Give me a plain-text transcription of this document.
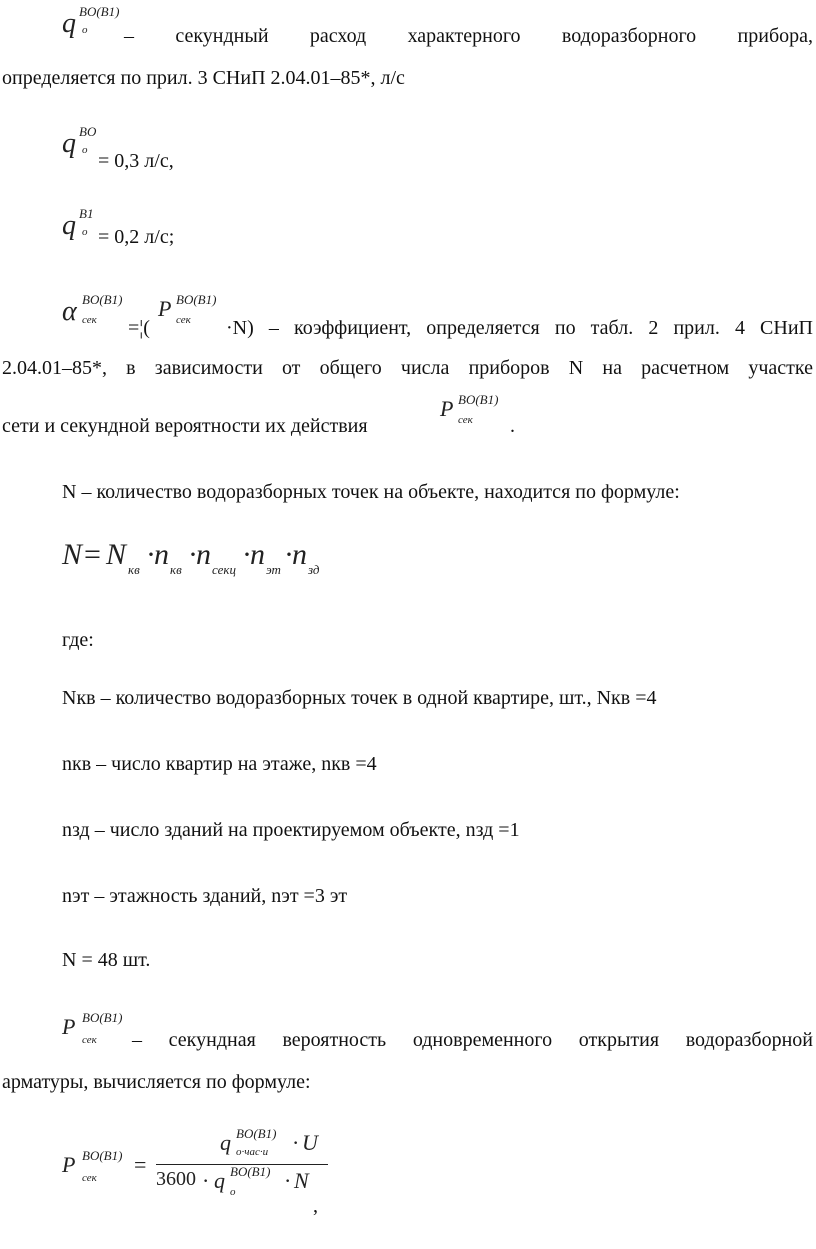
q BO(B1)
о – секундный расход характерного водоразборного прибора,
определяется по прил. 3 СНиП 2.04.01–85*, л/с
q BO
о = 0,3 л/с,
q B1
о = 0,2 л/с;
α BO(B1)
сек =¦(
P BO(B1)
сек ·N) – коэффициент, определяется по табл. 2 прил. 4 СНиП
2.04.01–85*, в зависимости от общего числа приборов N на расчетном участке
сети и секундной вероятности их действия
P BO(B1)
сек .
N – количество водоразборных точек на объекте, находится по формуле:
N = N кв ·
n кв ·
n секц ·
n эт ·
n зд
где:
Nкв – количество водоразборных точек в одной квартире, шт., Nкв =4
nкв – число квартир на этаже, nкв =4
nзд – число зданий на проектируемом объекте, nзд =1
nэт – этажность зданий, nэт =3 эт
N = 48 шт.
P BO(B1)
сек – секундная вероятность одновременного открытия водоразборной
арматуры, вычисляется по формуле:
P BO(B1)
сек
=
q BO(B1)
o·час·и · U
3600 · q BO(B1)
о · N
,
